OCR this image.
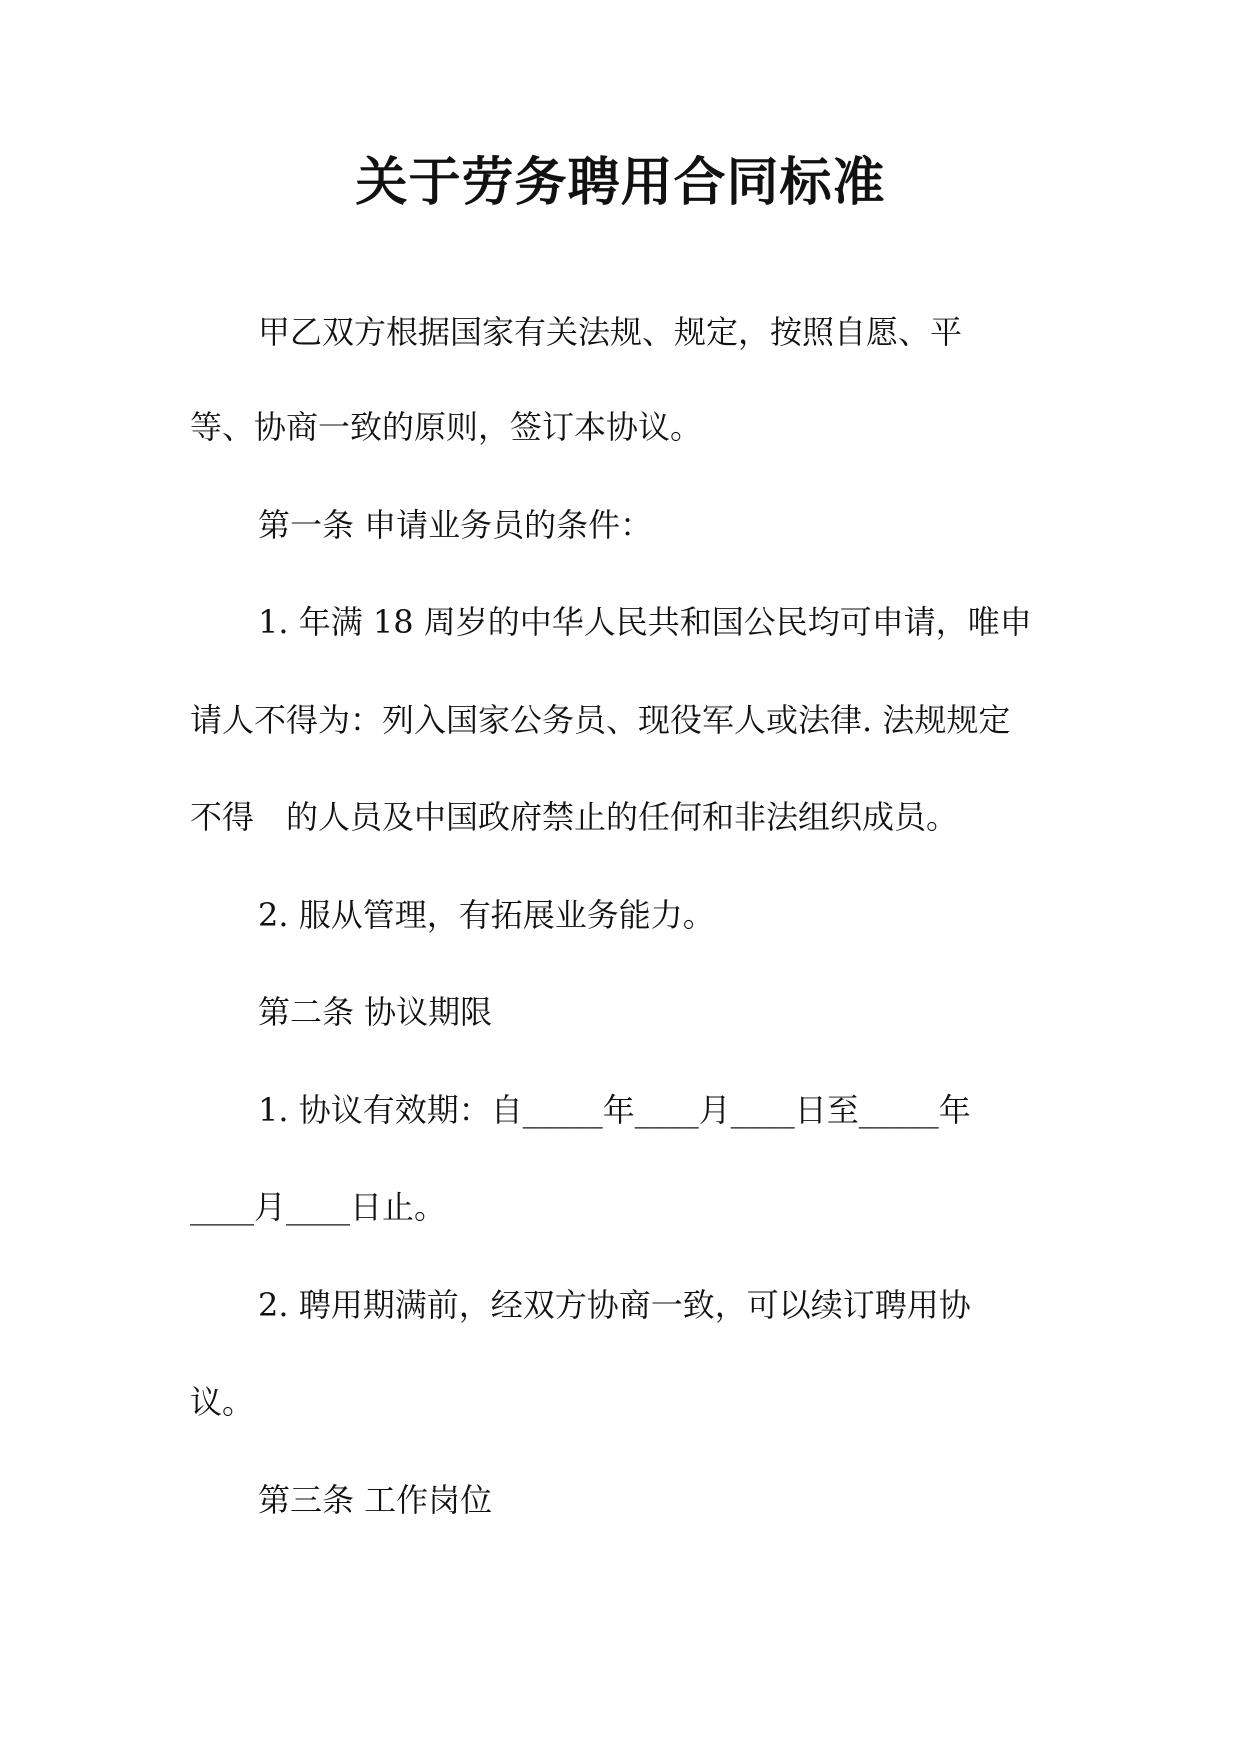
关于劳务聘用合同标准
甲乙双方根据国家有关法规、规定，按照自愿、平
等、协商一致的原则，签订本协议。
第一条 申请业务员的条件：
1. 年满 18 周岁的中华人民共和国公民均可申请，唯申
请人不得为：列入国家公务员、现役军人或法律. 法规规定
不得　的人员及中国政府禁止的任何和非法组织成员。
2. 服从管理，有拓展业务能力。
第二条 协议期限
1. 协议有效期：自_____年____月____日至_____年
____月____日止。
2. 聘用期满前，经双方协商一致，可以续订聘用协
议。
第三条 工作岗位
